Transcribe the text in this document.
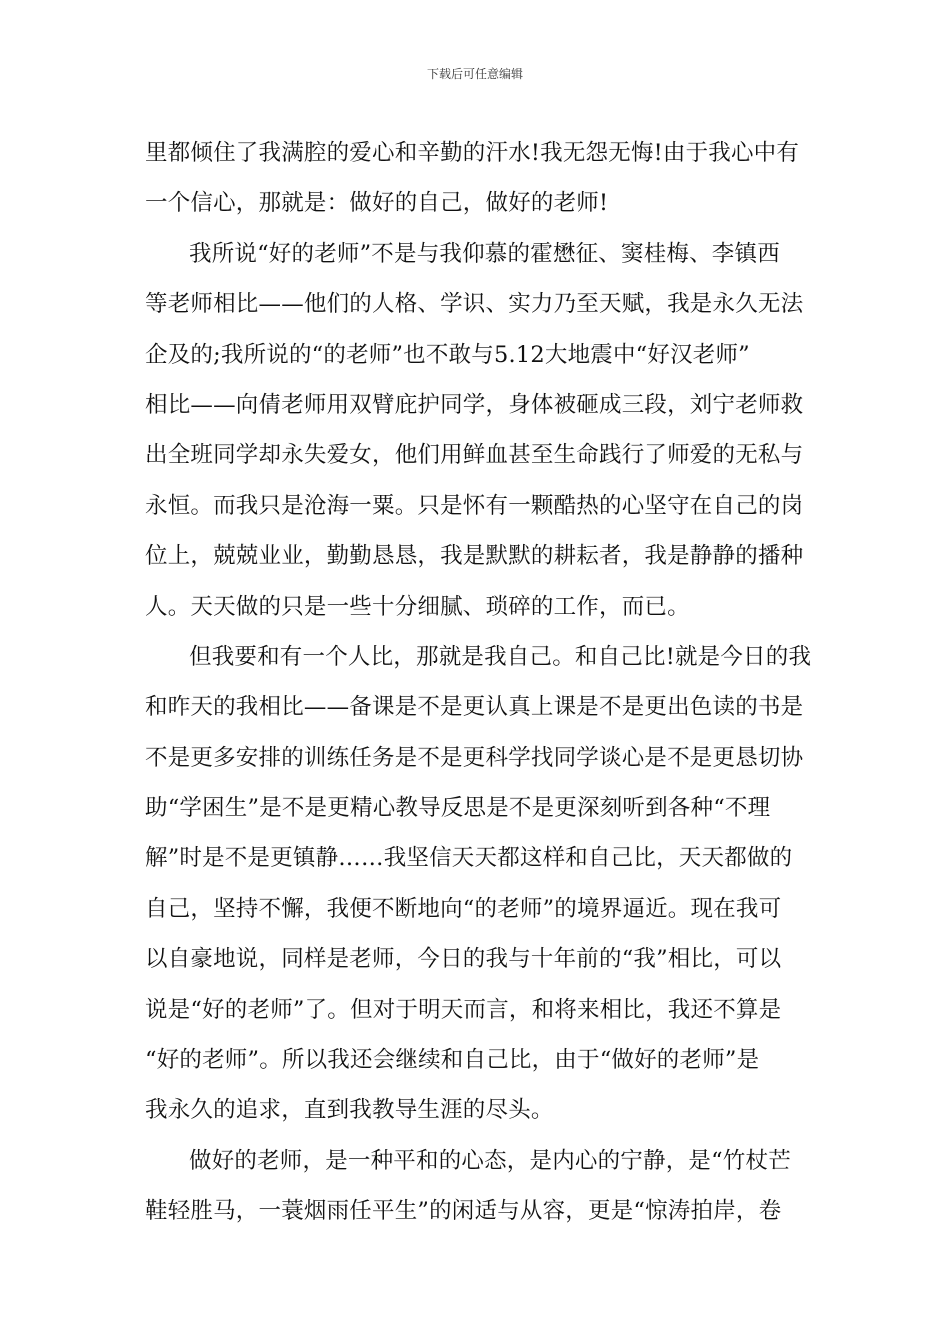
下载后可任意编辑
里都倾住了我满腔的爱心和辛勤的汗水!我无怨无悔!由于我心中有
一个信心，那就是：做好的自己，做好的老师!
我所说“好的老师”不是与我仰慕的霍懋征、窦桂梅、李镇西
等老师相比——他们的人格、学识、实力乃至天赋，我是永久无法
企及的;我所说的“的老师”也不敢与5.12大地震中“好汉老师”
相比——向倩老师用双臂庇护同学，身体被砸成三段，刘宁老师救
出全班同学却永失爱女，他们用鲜血甚至生命践行了师爱的无私与
永恒。而我只是沧海一粟。只是怀有一颗酷热的心坚守在自己的岗
位上，兢兢业业，勤勤恳恳，我是默默的耕耘者，我是静静的播种
人。天天做的只是一些十分细腻、琐碎的工作，而已。
但我要和有一个人比，那就是我自己。和自己比!就是今日的我
和昨天的我相比——备课是不是更认真上课是不是更出色读的书是
不是更多安排的训练任务是不是更科学找同学谈心是不是更恳切协
助“学困生”是不是更精心教导反思是不是更深刻听到各种“不理
解”时是不是更镇静……我坚信天天都这样和自己比，天天都做的
自己，坚持不懈，我便不断地向“的老师”的境界逼近。现在我可
以自豪地说，同样是老师，今日的我与十年前的“我”相比，可以
说是“好的老师”了。但对于明天而言，和将来相比，我还不算是
“好的老师”。所以我还会继续和自己比，由于“做好的老师”是
我永久的追求，直到我教导生涯的尽头。
做好的老师，是一种平和的心态，是内心的宁静，是“竹杖芒
鞋轻胜马，一蓑烟雨任平生”的闲适与从容，更是“惊涛拍岸，卷
